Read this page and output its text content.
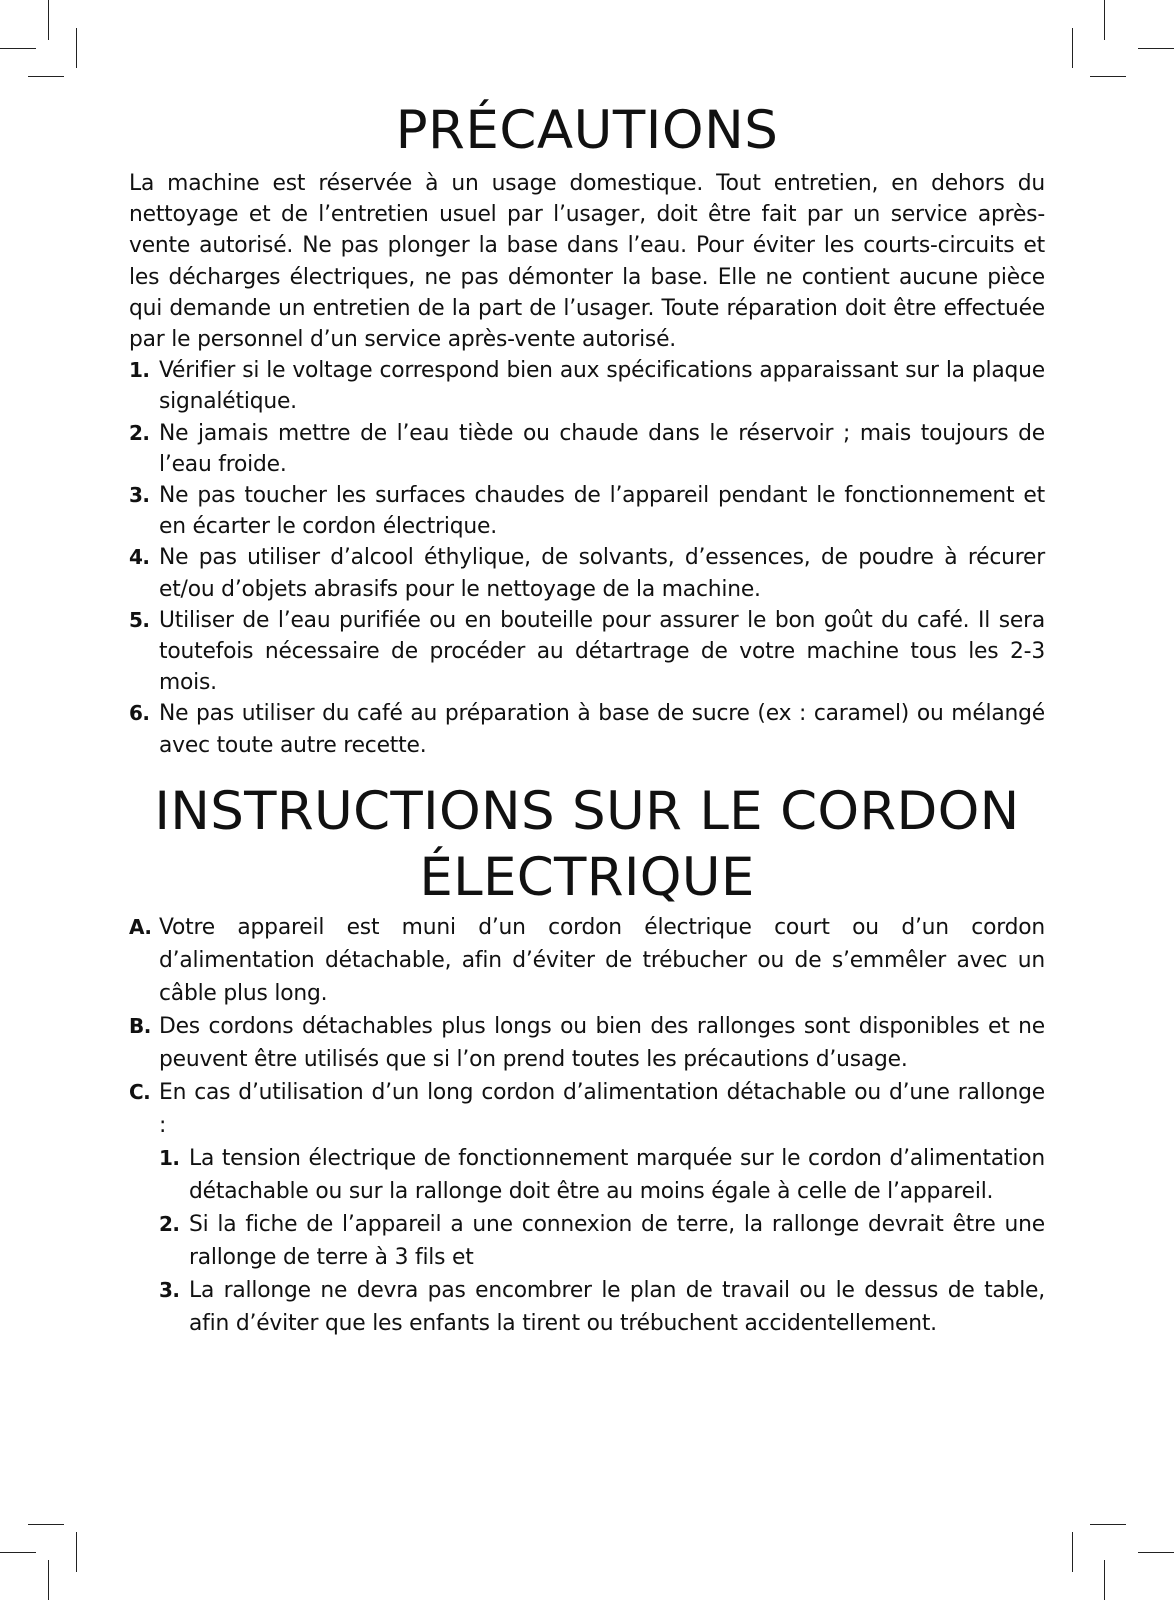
PRÉCAUTIONS

La machine est réservée à un usage domestique. Tout entretien, en dehors du nettoyage et de l’entretien usuel par l’usager, doit être fait par un service après-vente autorisé. Ne pas plonger la base dans l’eau. Pour éviter les courts-circuits et les décharges électriques, ne pas démonter la base. Elle ne contient aucune pièce qui demande un entretien de la part de l’usager. Toute réparation doit être effectuée par le personnel d’un service après-vente autorisé.

1. Vérifier si le voltage correspond bien aux spécifications apparaissant sur la plaque signalétique.
2. Ne jamais mettre de l’eau tiède ou chaude dans le réservoir ; mais toujours de l’eau froide.
3. Ne pas toucher les surfaces chaudes de l’appareil pendant le fonctionnement et en écarter le cordon électrique.
4. Ne pas utiliser d’alcool éthylique, de solvants, d’essences, de poudre à récurer et/ou d’objets abrasifs pour le nettoyage de la machine.
5. Utiliser de l’eau purifiée ou en bouteille pour assurer le bon goût du café. Il sera toutefois nécessaire de procéder au détartrage de votre machine tous les 2-3 mois.
6. Ne pas utiliser du café au préparation à base de sucre (ex : caramel) ou mélangé avec toute autre recette.
INSTRUCTIONS SUR LE CORDON
ÉLECTRIQUE
A. Votre appareil est muni d’un cordon électrique court ou d’un cordon d’alimentation détachable, afin d’éviter de trébucher ou de s’emmêler avec un câble plus long.
B. Des cordons détachables plus longs ou bien des rallonges sont disponibles et ne peuvent être utilisés que si l’on prend toutes les précautions d’usage.
C. En cas d’utilisation d’un long cordon d’alimentation détachable ou d’une rallonge :
1. La tension électrique de fonctionnement marquée sur le cordon d’alimentation détachable ou sur la rallonge doit être au moins égale à celle de l’appareil.
2. Si la fiche de l’appareil a une connexion de terre, la rallonge devrait être une rallonge de terre à 3 fils et
3. La rallonge ne devra pas encombrer le plan de travail ou le dessus de table, afin d’éviter que les enfants la tirent ou trébuchent accidentellement.
